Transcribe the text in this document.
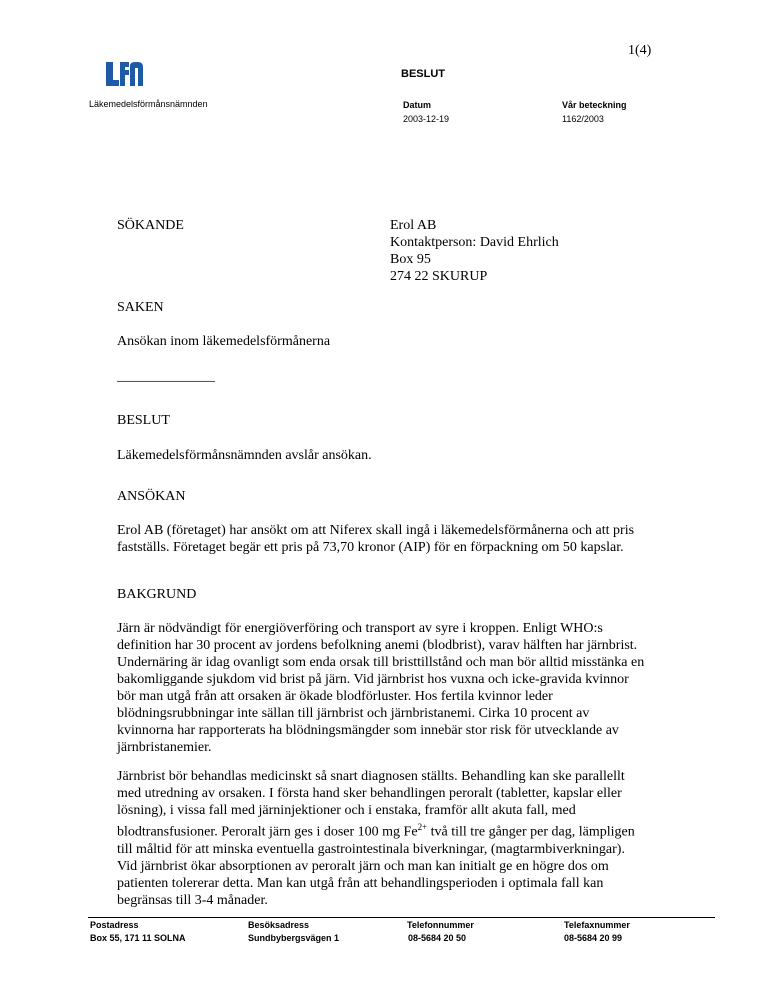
1(4)
BESLUT
Läkemedelsförmånsnämnden	Datum
2003-12-19
Vår beteckning
1162/2003
SÖKANDE	Erol AB
Kontaktperson: David Ehrlich
Box 95
274 22 SKURUP
SAKEN
Ansökan inom läkemedelsförmånerna
______________
BESLUT
Läkemedelsförmånsnämnden avslår ansökan.
ANSÖKAN
Erol AB (företaget) har ansökt om att Niferex skall ingå i läkemedelsförmånerna och att pris
fastställs. Företaget begär ett pris på 73,70 kronor (AIP) för en förpackning om 50 kapslar.
BAKGRUND
Järn är nödvändigt för energiöverföring och transport av syre i kroppen. Enligt WHO:s
definition har 30 procent av jordens befolkning anemi (blodbrist), varav hälften har järnbrist.
Undernäring är idag ovanligt som enda orsak till bristtillstånd och man bör alltid misstänka en
bakomliggande sjukdom vid brist på järn. Vid järnbrist hos vuxna och icke-gravida kvinnor
bör man utgå från att orsaken är ökade blodförluster. Hos fertila kvinnor leder
blödningsrubbningar inte sällan till järnbrist och järnbristanemi. Cirka 10 procent av
kvinnorna har rapporterats ha blödningsmängder som innebär stor risk för utvecklande av
järnbristanemier.
Järnbrist bör behandlas medicinskt så snart diagnosen ställts. Behandling kan ske parallellt
med utredning av orsaken. I första hand sker behandlingen peroralt (tabletter, kapslar eller
lösning), i vissa fall med järninjektioner och i enstaka, framför allt akuta fall, med
blodtransfusioner. Peroralt järn ges i doser 100 mg $Fe^{2+}$ två till tre gånger per dag, lämpligen
till måltid för att minska eventuella gastrointestinala biverkningar, (magtarmbiverkningar).
Vid järnbrist ökar absorptionen av peroralt järn och man kan initialt ge en högre dos om
patienten tolererar detta. Man kan utgå från att behandlingsperioden i optimala fall kan
begränsas till 3-4 månader.
Postadress
Box 55, 171 11 SOLNA
Besöksadress
Sundbybergsvägen 1
Telefonnummer
08-5684 20 50
Telefaxnummer
08-5684 20 99
